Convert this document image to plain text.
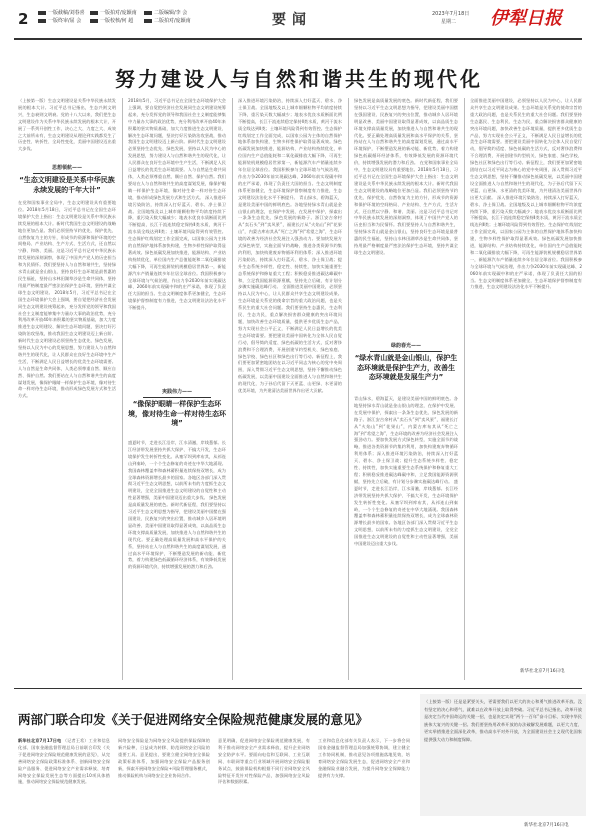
2	一版截稿/刘春喜	一版拍对/庞颖南	二版编辑/李 会
一版终审/屈 会	一版校核/何 超	二版拍对/庞颖南	要闻	2023年7月18日
星期二 伊犁日报
努力建设人与自然和谐共生的现代化
（上接第一版）生态文明建设是关系中华民族永续发展的根本大计。习近平总书记指出，生态兴则文明兴，生态衰则文明衰。党的十八大以来，我们把生态文明建设作为关系中华民族永续发展的根本大计，开展了一系列开创性工作，决心之大、力度之大、成效之大前所未有，生态文明建设从理论到实践都发生了历史性、转折性、全局性变化，美丽中国建设迈出重大步伐。
思想領航——
“生态文明建设是关系中华民族永续发展的千年大计”
在党和国家事业全局中，生态文明建设具有重要地位。2018年5月18日，习近平总书记在全国生态环境保护大会上指出：生态文明建设是关系中华民族永续发展的根本大计。新时代我国生态文明建设的战略地位更加凸显。我们必须坚持节约优先、保护优先、自然恢复为主的方针，形成节约资源和保护环境的空间格局、产业结构、生产方式、生活方式，还自然以宁静、和谐、美丽。这是习近平总书记对中华民族永续发展的深刻洞察，体现了中国共产党人的历史担当和为民情怀。我们要坚持人与自然和谐共生，坚持绿水青山就是金山银山，坚持良好生态环境是最普惠的民生福祉，坚持山水林田湖草沙是生命共同体，坚持用最严格制度最严密法治保护生态环境，坚持共谋全球生态文明建设。 2018年5月，习近平总书记在全国生态环境保护大会上强调，要自觉把经济社会发展同生态文明建设统筹起来，充分发挥党的领导和我国社会主义制度能够集中力量办大事的政治优势，充分利用改革开放40年来积累的坚实物质基础，加大力度推进生态文明建设、解决生态环境问题，坚决打好污染防治攻坚战，推动我国生态文明建设迈上新台阶。新时代生态文明建设必须坚持生态优先、绿色发展，坚持以人民为中心的发展思想，努力建设人与自然和谐共生的现代化，让人民群众在良好生态环境中生产生活，不断满足人民日益增长的优美生态环境需要。人与自然是生命共同体，人类必须尊重自然、顺应自然、保护自然。我们要站在人与自然和谐共生的高度谋划发展，像保护眼睛一样保护生态环境，像对待生命一样对待生态环境，推动形成绿色发展方式和生活方式。
2018年5月，习近平总书记在全国生态环境保护大会上强调，要自觉把经济社会发展同生态文明建设统筹起来，充分发挥党的领导和我国社会主义制度能够集中力量办大事的政治优势，充分利用改革开放40年来积累的坚实物质基础，加大力度推进生态文明建设、解决生态环境问题，坚决打好污染防治攻坚战，推动我国生态文明建设迈上新台阶。新时代生态文明建设必须坚持生态优先、绿色发展，坚持以人民为中心的发展思想，努力建设人与自然和谐共生的现代化，让人民群众在良好生态环境中生产生活，不断满足人民日益增长的优美生态环境需要。人与自然是生命共同体，人类必须尊重自然、顺应自然、保护自然。我们要站在人与自然和谐共生的高度谋划发展，像保护眼睛一样保护生态环境，像对待生命一样对待生态环境，推动形成绿色发展方式和生活方式。 深入推进环境污染防治，持续深入打好蓝天、碧水、净土保卫战。全国地级及以上城市细颗粒物平均浓度持续下降，重污染天数大幅减少；地表水优良水质断面比例不断提高，长江干流连续稳定保持Ⅱ类水质，黄河干流水质全线达到Ⅱ类；土壤环境风险得到有效管控。生态保护红线划定工作全面完成，以国家公园为主体的自然保护地体系加快构建，生物多样性保护取得显著成效。绿色低碳发展加快推进，能源结构、产业结构持续优化，单位国内生产总值能耗和二氧化碳排放大幅下降，可再生能源装机规模稳居世界第一，新能源汽车产销量连续多年位居全球首位。我国积极参与全球环境与气候治理，作出力争2030年前实现碳达峰、2060年前实现碳中和的庄严承诺，体现了负责任大国的担当。生态文明制度体系更加健全，生态环境保护督察制度有力推进，生态文明建设法治化水平不断提升。
実践伟力——
“像保护眼睛一样保护生态环境，像对待生命一样对待生态环境”
盛夏时节，走进长江沿岸，江水清澈，岸线葱郁。长江经济带发展坚持共抓大保护、不搞大开发，生态环境保护发生转折性变化。从塞罕坝到库布其，从祁连山到秦岭，一个个生态修复的奇迹在中华大地涌现。我国森林覆盖率和森林蓄积量连续保持双增长，成为全球森林资源增长最多的国家。各地区各部门深入贯彻习近平生态文明思想，以前所未有的力度抓生态文明建设，全党全国推进生态文明建设的自觉性和主动性显著增强，美丽中国建设迈出重大步伐。 绿色发展是高质量发展的底色。新时代新征程，我们要坚持以习近平生态文明思想为指导，把建设美丽中国摆在强国建设、民族复兴的突出位置，推动城乡人居环境明显改善、美丽中国建设取得显著成效，以高品质生态环境支撑高质量发展，加快推进人与自然和谐共生的现代化。要正确处理高质量发展和高水平保护的关系，坚持站在人与自然和谐共生的高度谋划发展，通过高水平环境保护，不断塑造发展的新动能、新优势，着力构建绿色低碳循环经济体系，有效降低发展的资源环境代价，持续增强发展的潜力和后劲。
深入推进环境污染防治，持续深入打好蓝天、碧水、净土保卫战。全国地级及以上城市细颗粒物平均浓度持续下降，重污染天数大幅减少；地表水优良水质断面比例不断提高，长江干流连续稳定保持Ⅱ类水质，黄河干流水质全线达到Ⅱ类；土壤环境风险得到有效管控。生态保护红线划定工作全面完成，以国家公园为主体的自然保护地体系加快构建，生物多样性保护取得显著成效。绿色低碳发展加快推进，能源结构、产业结构持续优化，单位国内生产总值能耗和二氧化碳排放大幅下降，可再生能源装机规模稳居世界第一，新能源汽车产销量连续多年位居全球首位。我国积极参与全球环境与气候治理，作出力争2030年前实现碳达峰、2060年前实现碳中和的庄严承诺，体现了负责任大国的担当。生态文明制度体系更加健全，生态环境保护督察制度有力推进，生态文明建设法治化水平不断提升。 青山绿水，碧海蓝天，是建设美丽中国的鲜明底色。各地坚持绿水青山就是金山银山的理念，在保护中发展、在发展中保护，探索出一条条生态优先、绿色发展的新路子。浙江安吉余村从“卖石头”到“卖风景”，福建长汀从“火焰山”到“花果山”，内蒙古库布其从“死亡之海”到“希望之海”，生态环境的改善为经济社会发展注入强劲动力。要加快发展方式绿色转型，实施全面节约战略，推进各类资源节约集约利用，加快构建废弃物循环利用体系；深入推进环境污染防治，持续深入打好蓝天、碧水、净土保卫战；提升生态系统多样性、稳定性、持续性，加快实施重要生态系统保护和修复重大工程；积极稳妥推进碳达峰碳中和，立足我国能源资源禀赋，坚持先立后破，有计划分步骤实施碳达峰行动。 全面推进美丽中国建设，必须坚持以人民为中心，让人民群众共享生态文明建设成果。生态环境是关系党的使命宗旨的重大政治问题，也是关系民生的重大社会问题。我们要坚持生态惠民、生态利民、生态为民，重点解决损害群众健康的突出环境问题，加快改善生态环境质量，提供更多优质生态产品，努力实现社会公平正义，不断满足人民日益增长的优美生态环境需要。要把建设美丽中国转化为全体人民自觉行动，倡导简约适度、绿色低碳的生活方式，反对奢侈浪费和不合理消费，开展创建节约型机关、绿色家庭、绿色学校、绿色社区和绿色出行等行动。新征程上，我们要更加紧密地团结在以习近平同志为核心的党中央周围，深入贯彻习近平生态文明思想，坚持不懈推动绿色低碳发展，以美丽中国建设全面推进人与自然和谐共生的现代化，为子孙后代留下天更蓝、山更绿、水更清的优美环境，为共建清洁美丽世界作出更大贡献。
绿色发展是高质量发展的底色。新时代新征程，我们要坚持以习近平生态文明思想为指导，把建设美丽中国摆在强国建设、民族复兴的突出位置，推动城乡人居环境明显改善、美丽中国建设取得显著成效，以高品质生态环境支撑高质量发展，加快推进人与自然和谐共生的现代化。要正确处理高质量发展和高水平保护的关系，坚持站在人与自然和谐共生的高度谋划发展，通过高水平环境保护，不断塑造发展的新动能、新优势，着力构建绿色低碳循环经济体系，有效降低发展的资源环境代价，持续增强发展的潜力和后劲。 在党和国家事业全局中，生态文明建设具有重要地位。2018年5月18日，习近平总书记在全国生态环境保护大会上指出：生态文明建设是关系中华民族永续发展的根本大计。新时代我国生态文明建设的战略地位更加凸显。我们必须坚持节约优先、保护优先、自然恢复为主的方针，形成节约资源和保护环境的空间格局、产业结构、生产方式、生活方式，还自然以宁静、和谐、美丽。这是习近平总书记对中华民族永续发展的深刻洞察，体现了中国共产党人的历史担当和为民情怀。我们要坚持人与自然和谐共生，坚持绿水青山就是金山银山，坚持良好生态环境是最普惠的民生福祉，坚持山水林田湖草沙是生命共同体，坚持用最严格制度最严密法治保护生态环境，坚持共谋全球生态文明建设。
绿韵春光——
“绿水青山就是金山银山，保护生态环境就是保护生产力，改善生态环境就是发展生产力”
青山绿水，碧海蓝天，是建设美丽中国的鲜明底色。各地坚持绿水青山就是金山银山的理念，在保护中发展、在发展中保护，探索出一条条生态优先、绿色发展的新路子。浙江安吉余村从“卖石头”到“卖风景”，福建长汀从“火焰山”到“花果山”，内蒙古库布其从“死亡之海”到“希望之海”，生态环境的改善为经济社会发展注入强劲动力。要加快发展方式绿色转型，实施全面节约战略，推进各类资源节约集约利用，加快构建废弃物循环利用体系；深入推进环境污染防治，持续深入打好蓝天、碧水、净土保卫战；提升生态系统多样性、稳定性、持续性，加快实施重要生态系统保护和修复重大工程；积极稳妥推进碳达峰碳中和，立足我国能源资源禀赋，坚持先立后破，有计划分步骤实施碳达峰行动。 盛夏时节，走进长江沿岸，江水清澈，岸线葱郁。长江经济带发展坚持共抓大保护、不搞大开发，生态环境保护发生转折性变化。从塞罕坝到库布其，从祁连山到秦岭，一个个生态修复的奇迹在中华大地涌现。我国森林覆盖率和森林蓄积量连续保持双增长，成为全球森林资源增长最多的国家。各地区各部门深入贯彻习近平生态文明思想，以前所未有的力度抓生态文明建设，全党全国推进生态文明建设的自觉性和主动性显著增强，美丽中国建设迈出重大步伐。
全面推进美丽中国建设，必须坚持以人民为中心，让人民群众共享生态文明建设成果。生态环境是关系党的使命宗旨的重大政治问题，也是关系民生的重大社会问题。我们要坚持生态惠民、生态利民、生态为民，重点解决损害群众健康的突出环境问题，加快改善生态环境质量，提供更多优质生态产品，努力实现社会公平正义，不断满足人民日益增长的优美生态环境需要。要把建设美丽中国转化为全体人民自觉行动，倡导简约适度、绿色低碳的生活方式，反对奢侈浪费和不合理消费，开展创建节约型机关、绿色家庭、绿色学校、绿色社区和绿色出行等行动。新征程上，我们要更加紧密地团结在以习近平同志为核心的党中央周围，深入贯彻习近平生态文明思想，坚持不懈推动绿色低碳发展，以美丽中国建设全面推进人与自然和谐共生的现代化，为子孙后代留下天更蓝、山更绿、水更清的优美环境，为共建清洁美丽世界作出更大贡献。 深入推进环境污染防治，持续深入打好蓝天、碧水、净土保卫战。全国地级及以上城市细颗粒物平均浓度持续下降，重污染天数大幅减少；地表水优良水质断面比例不断提高，长江干流连续稳定保持Ⅱ类水质，黄河干流水质全线达到Ⅱ类；土壤环境风险得到有效管控。生态保护红线划定工作全面完成，以国家公园为主体的自然保护地体系加快构建，生物多样性保护取得显著成效。绿色低碳发展加快推进，能源结构、产业结构持续优化，单位国内生产总值能耗和二氧化碳排放大幅下降，可再生能源装机规模稳居世界第一，新能源汽车产销量连续多年位居全球首位。我国积极参与全球环境与气候治理，作出力争2030年前实现碳达峰、2060年前实现碳中和的庄严承诺，体现了负责任大国的担当。生态文明制度体系更加健全，生态环境保护督察制度有力推进，生态文明建设法治化水平不断提升。
新华社北京7月16日电
两部门联合印发《关于促进网络安全保险规范健康发展的意见》
新华社北京7月17日电 （记者王希）工业和信息化部、国家金融监督管理总局日前联合印发《关于促进网络安全保险规范健康发展的意见》，从完善网络安全保险政策标准体系、创新网络安全保险产品服务、促进网络安全产业需求释放、培育网络安全保险发展生态等方面提出10项具体措施，推动网络安全保险规范健康发展。
网络安全保险是为网络安全风险提供保险保障的新兴险种，日益成为转移、防范网络安全风险的重要工具。意见提出，要建立健全网络安全保险政策标准体系，加强网络安全保险产品服务创新，探索开展网络安全保险+风险管理服务模式，推动保险机构与网络安全企业协同合作。
意见明确，促进网络安全保险规范健康发展，有利于推动网络安全产业需求释放，提升企业网络安全防护水平。要面向电信和互联网、工业互联网、车联网等重点行业领域开展网络安全保险服务试点，鼓励保险机构根据不同行业网络安全风险特征开发针对性保险产品，加强网络安全风险评估和数据积累。
工业和信息化部有关负责人表示，下一步将会同国家金融监督管理总局加强统筹协调，建立健全工作协同机制，推动意见各项措施落地见效，培育网络安全保险发展生态，促进网络安全产业和金融保险业融合发展，为提升网络安全保障能力提供有力支撑。
（上接第一版）还是是紧要关头，更需要我们以更大的决心和勇气推进改革开放。没有坚定的决心和勇气，就难以在改革开放上取得突破。习近平总书记指出，改革开放是决定当代中国命运的关键一招，也是决定实现“两个一百年”奋斗目标、实现中华民族伟大复兴的关键一招。我们要坚持用改革开放的办法破解发展难题，以更大力度、更实举措推进全面深化改革，推动高水平对外开放，为全面建设社会主义现代化国家提供强大动力和制度保障。
新华社北京7月16日电
